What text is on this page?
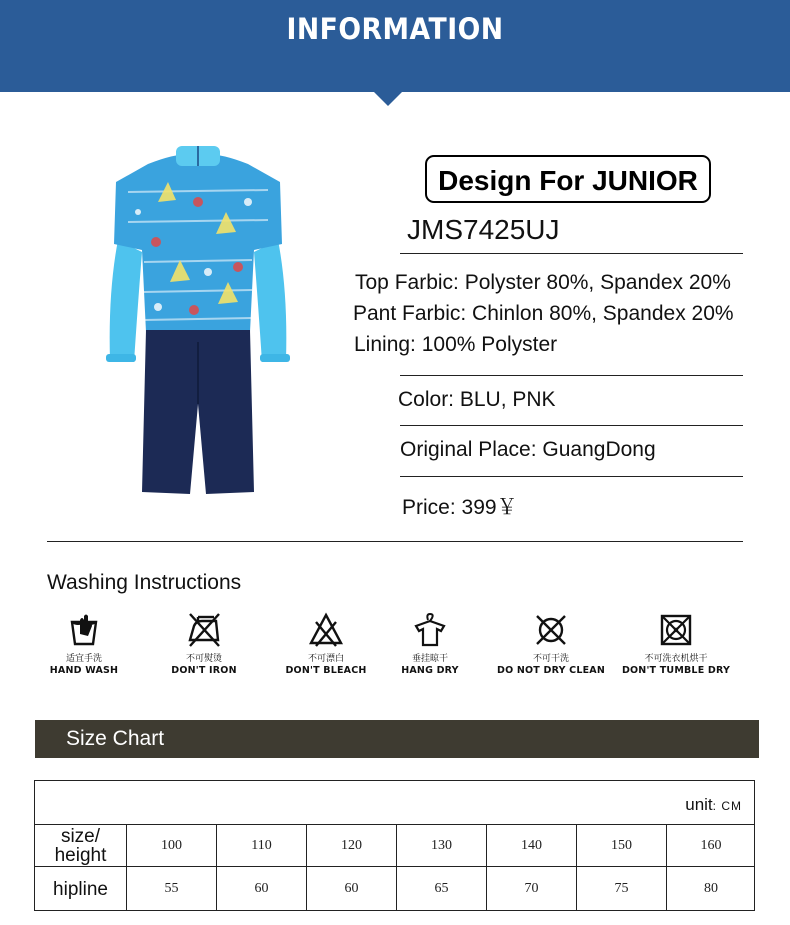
INFORMATION
Design For JUNIOR
JMS7425UJ
Top Farbic: Polyster 80%, Spandex 20%
Pant Farbic: Chinlon 80%, Spandex 20%
Lining: 100% Polyster
Color: BLU, PNK
Original Place: GuangDong
Price: 399￥
Washing Instructions
适宜手洗
HAND WASH
不可熨烫
DON'T IRON
不可漂白
DON'T BLEACH
垂挂晾干
HANG DRY
不可干洗
DO NOT DRY CLEAN
不可洗衣机烘干
DON'T TUMBLE DRY
Size Chart
unit: CM
size/
height	100	110	120	130	140	150	160
hipline	55	60	60	65	70	75	80
